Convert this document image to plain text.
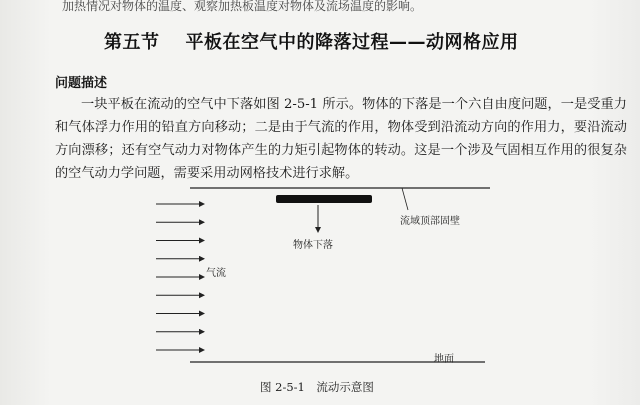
加热情况对物体的温度、观察加热板温度对物体及流场温度的影响。
第五节 平板在空气中的降落过程——动网格应用
问题描述
一块平板在流动的空气中下落如图 2-5-1 所示。物体的下落是一个六自由度问题，一是受重力和气体浮力作用的铅直方向移动；二是由于气流的作用，物体受到沿流动方向的作用力，要沿流动方向漂移；还有空气动力对物体产生的力矩引起物体的转动。这是一个涉及气固相互作用的很复杂的空气动力学问题，需要采用动网格技术进行求解。
物体下落
流域顶部固壁
气流
地面
图 2-5-1　流动示意图
